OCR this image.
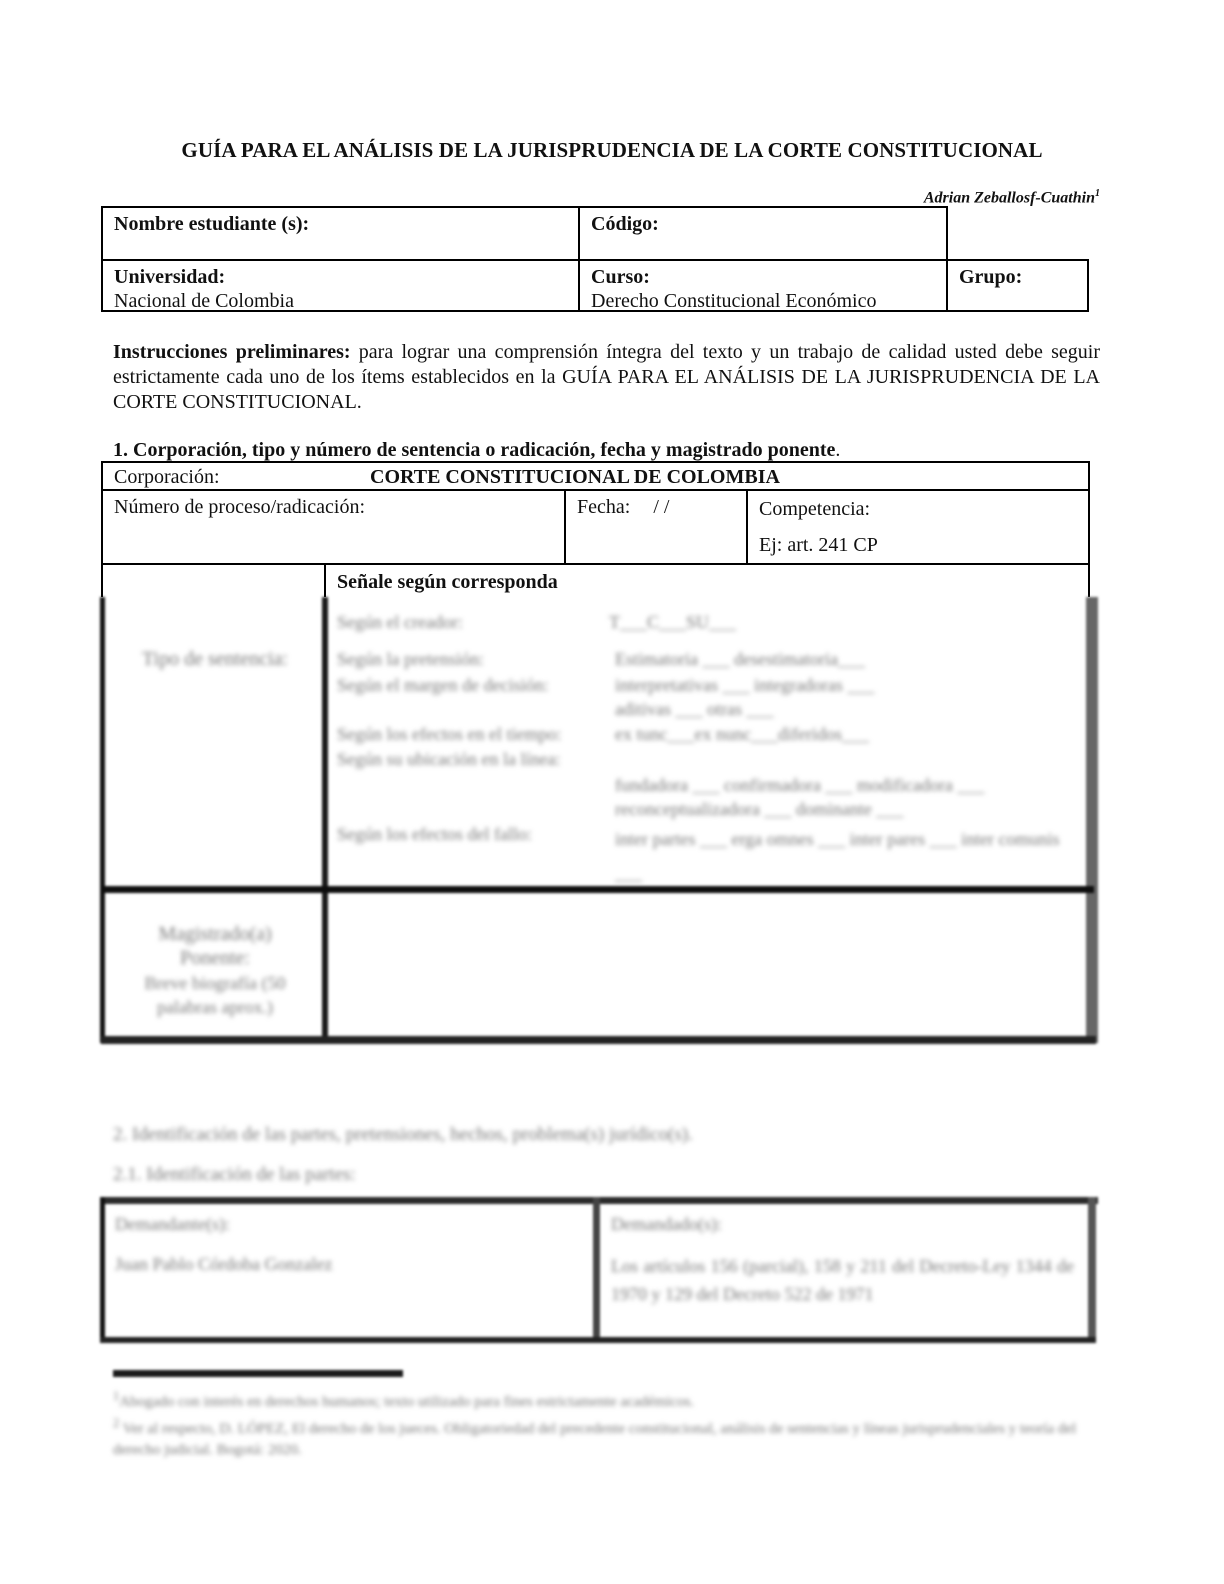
GUÍA PARA EL ANÁLISIS DE LA JURISPRUDENCIA DE LA CORTE CONSTITUCIONAL
Adrian Zeballosf-Cuathin$^1$
Nombre estudiante (s):	Código:
Universidad:
Nacional de Colombia
Curso:
Derecho Constitucional Económico
Grupo:
Instrucciones preliminares: para lograr una comprensión íntegra del texto y un trabajo de calidad usted debe seguir estrictamente cada uno de los ítems establecidos en la GUÍA PARA EL ANÁLISIS DE LA JURISPRUDENCIA DE LA CORTE CONSTITUCIONAL.
1. Corporación, tipo y número de sentencia o radicación, fecha y magistrado ponente.
Corporación:	CORTE CONSTITUCIONAL DE COLOMBIA
Número de proceso/radicación:	Fecha: / /	Competencia:
Ej: art. 241 CP
Señale según corresponda
Tipo de sentencia:
Según el creador:	T___C___SU___
Según la pretensión:	Estimatoria ___ desestimatoria___
Según el margen de decisión:	interpretativas ___ integradoras ___ aditivas ___ otras ___
Según los efectos en el tiempo:	ex tunc___ex nunc___diferidos___
Según su ubicación en la línea:
fundadora ___ confirmadora ___ modificadora ___ reconceptualizadora ___ dominante ___
Según los efectos del fallo:	inter partes ___ erga omnes ___ inter pares ___ inter comunis ___
Magistrado(a) Ponente:
Breve biografía (50 palabras aprox.)
2. Identificación de las partes, pretensiones, hechos, problema(s) jurídico(s).
2.1. Identificación de las partes:
Demandante(s):
Juan Pablo Córdoba Gonzalez
Demandado(s):
Los artículos 156 (parcial), 158 y 211 del Decreto-Ley 1344 de 1970 y 129 del Decreto 522 de 1971
$^1$Abogado con interés en derechos humanos; texto utilizado para fines estrictamente académicos.
$^2$ Ver al respecto, D. LÓPEZ, El derecho de los jueces. Obligatoriedad del precedente constitucional, análisis de sentencias y líneas jurisprudenciales y teoría del derecho judicial. Bogotá: 2020.
